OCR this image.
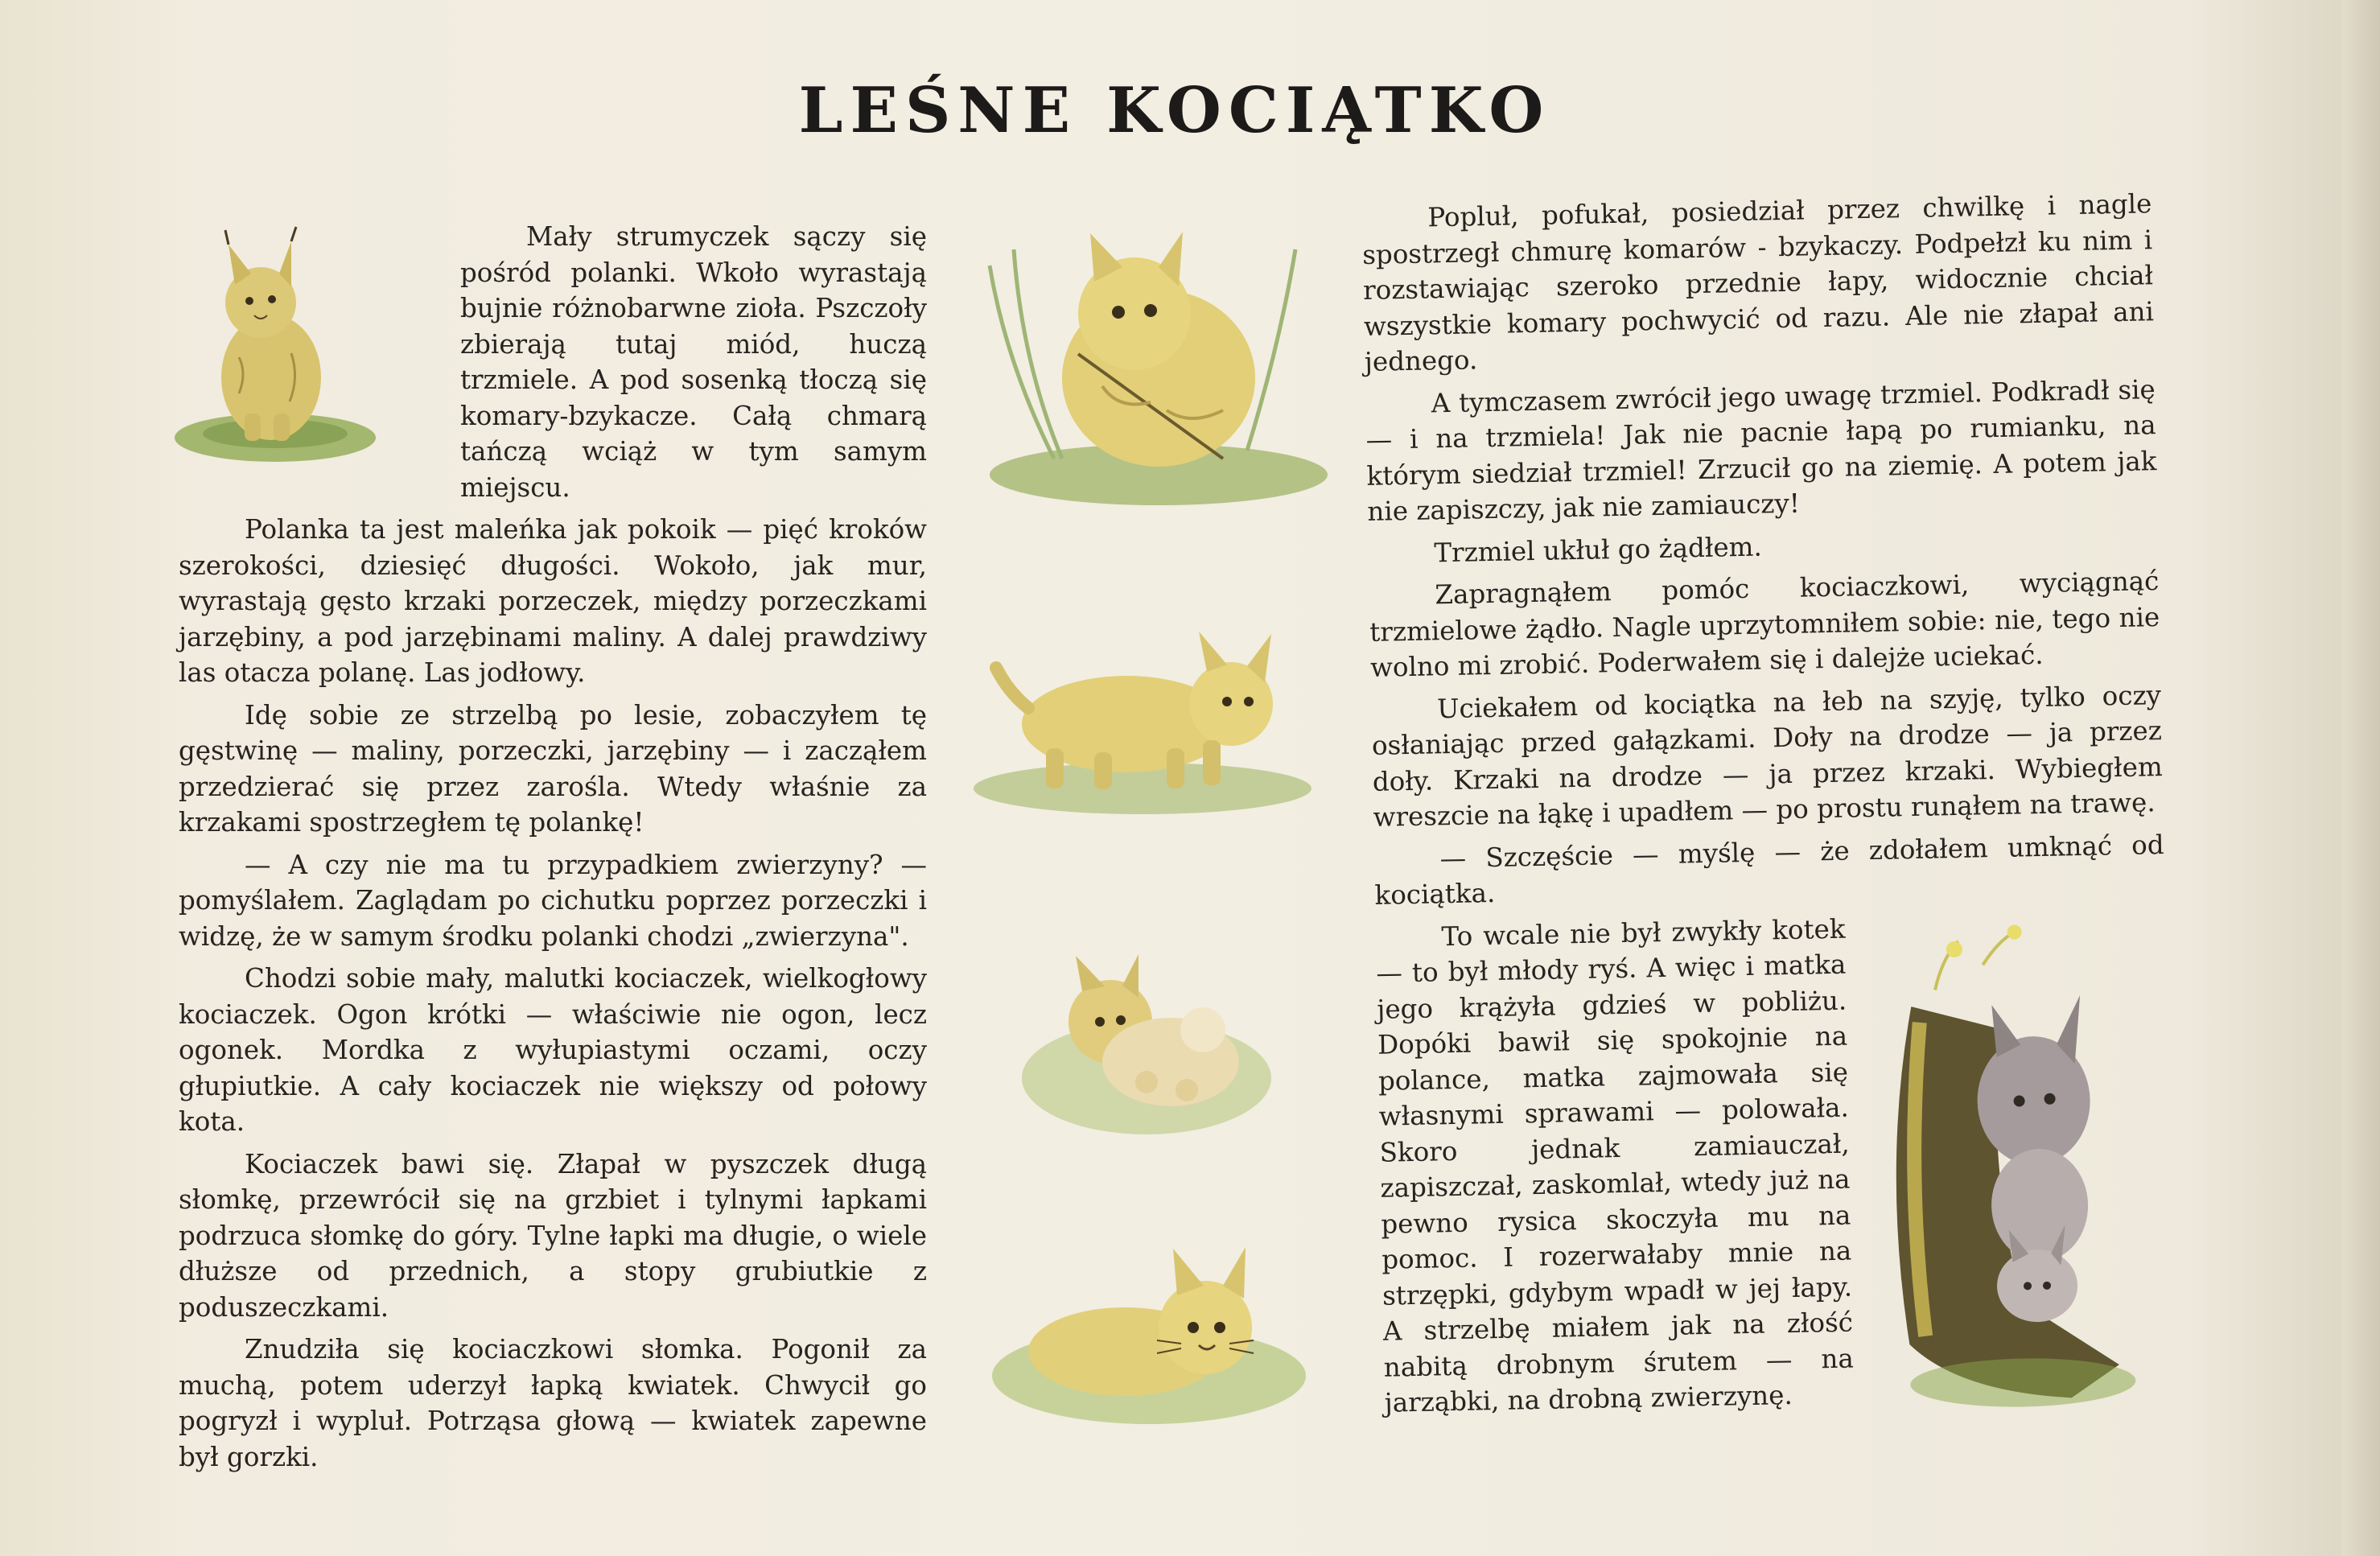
LEŚNE KOCIĄTKO

Mały strumyczek sączy się pośród polanki. Wkoło wyrastają bujnie różnobarwne zioła. Pszczoły zbierają tutaj miód, huczą trzmiele. A pod sosenką tłoczą się komary-bzykacze. Całą chmarą tańczą wciąż w tym samym miejscu.

Polanka ta jest maleńka jak pokoik — pięć kroków szerokości, dziesięć długości. Wokoło, jak mur, wyrastają gęsto krzaki porzeczek, między porzeczkami jarzębiny, a pod jarzębinami maliny. A dalej prawdziwy las otacza polanę. Las jodłowy.

Idę sobie ze strzelbą po lesie, zobaczyłem tę gęstwinę — maliny, porzeczki, jarzębiny — i zacząłem przedzierać się przez zarośla. Wtedy właśnie za krzakami spostrzegłem tę polankę!

— A czy nie ma tu przypadkiem zwierzyny? — pomyślałem. Zaglądam po cichutku poprzez porzeczki i widzę, że w samym środku polanki chodzi „zwierzyna".

Chodzi sobie mały, malutki kociaczek, wielkogłowy kociaczek. Ogon krótki — właściwie nie ogon, lecz ogonek. Mordka z wyłupiastymi oczami, oczy głupiutkie. A cały kociaczek nie większy od połowy kota.

Kociaczek bawi się. Złapał w pyszczek długą słomkę, przewrócił się na grzbiet i tylnymi łapkami podrzuca słomkę do góry. Tylne łapki ma długie, o wiele dłuższe od przednich, a stopy grubiutkie z poduszeczkami.

Znudziła się kociaczkowi słomka. Pogonił za muchą, potem uderzył łapką kwiatek. Chwycił go pogryzł i wypluł. Potrząsa głową — kwiatek zapewne był gorzki.

Popluł, pofukał, posiedział przez chwilkę i nagle spostrzegł chmurę komarów - bzykaczy. Podpełzł ku nim i rozstawiając szeroko przednie łapy, widocznie chciał wszystkie komary pochwycić od razu. Ale nie złapał ani jednego.

A tymczasem zwrócił jego uwagę trzmiel. Podkradł się — i na trzmiela! Jak nie pacnie łapą po rumianku, na którym siedział trzmiel! Zrzucił go na ziemię. A potem jak nie zapiszczy, jak nie zamiauczy!

Trzmiel ukłuł go żądłem.

Zapragnąłem pomóc kociaczkowi, wyciągnąć trzmielowe żądło. Nagle uprzytomniłem sobie: nie, tego nie wolno mi zrobić. Poderwałem się i dalejże uciekać.

Uciekałem od kociątka na łeb na szyję, tylko oczy osłaniając przed gałązkami. Doły na drodze — ja przez doły. Krzaki na drodze — ja przez krzaki. Wybiegłem wreszcie na łąkę i upadłem — po prostu runąłem na trawę.

— Szczęście — myślę — że zdołałem umknąć od kociątka.

To wcale nie był zwykły kotek — to był młody ryś. A więc i matka jego krążyła gdzieś w pobliżu. Dopóki bawił się spokojnie na polance, matka zajmowała się własnymi sprawami — polowała. Skoro jednak zamiauczał, zapiszczał, zaskomlał, wtedy już na pewno rysica skoczyła mu na pomoc. I rozerwałaby mnie na strzępki, gdybym wpadł w jej łapy. A strzelbę miałem jak na złość nabitą drobnym śrutem — na jarząbki, na drobną zwierzynę.
